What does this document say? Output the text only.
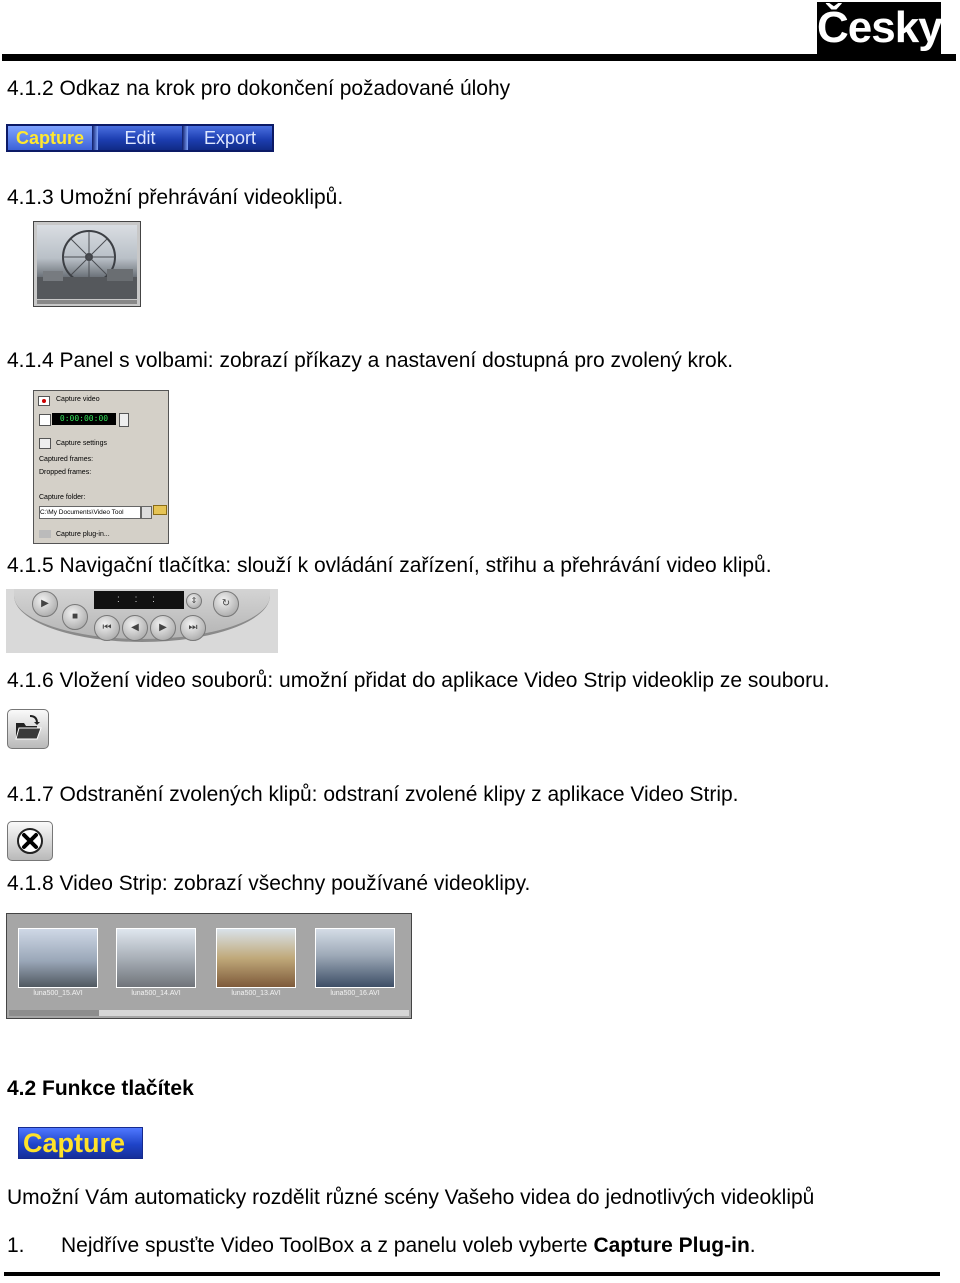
Česky
4.1.2 Odkaz na krok pro dokončení požadované úlohy
Capture	Edit	Export
4.1.3 Umožní přehrávání videoklipů.
4.1.4 Panel s volbami: zobrazí příkazy a nastavení dostupná pro zvolený krok.
Capture video
0:00:00:00
Capture settings
Captured frames:
Dropped frames:
Capture folder:
C:\My Documents\Video Tool
Capture plug-in...
4.1.5 Navigační tlačítka: slouží k ovládání zařízení, střihu a přehrávání video klipů.
: : :
▶
■
⏮	◀	▶	⏭
⇕	↻
4.1.6 Vložení video souborů: umožní přidat do aplikace Video Strip videoklip ze souboru.
4.1.7 Odstranění zvolených klipů: odstraní zvolené klipy z aplikace Video Strip.
4.1.8 Video Strip: zobrazí všechny používané videoklipy.
luna500_15.AVI	luna500_14.AVI	luna500_13.AVI	luna500_16.AVI
4.2 Funkce tlačítek
Capture
Umožní Vám automaticky rozdělit různé scény Vašeho videa do jednotlivých videoklipů
1. Nejdříve spusťte Video ToolBox a z panelu voleb vyberte Capture Plug-in.
